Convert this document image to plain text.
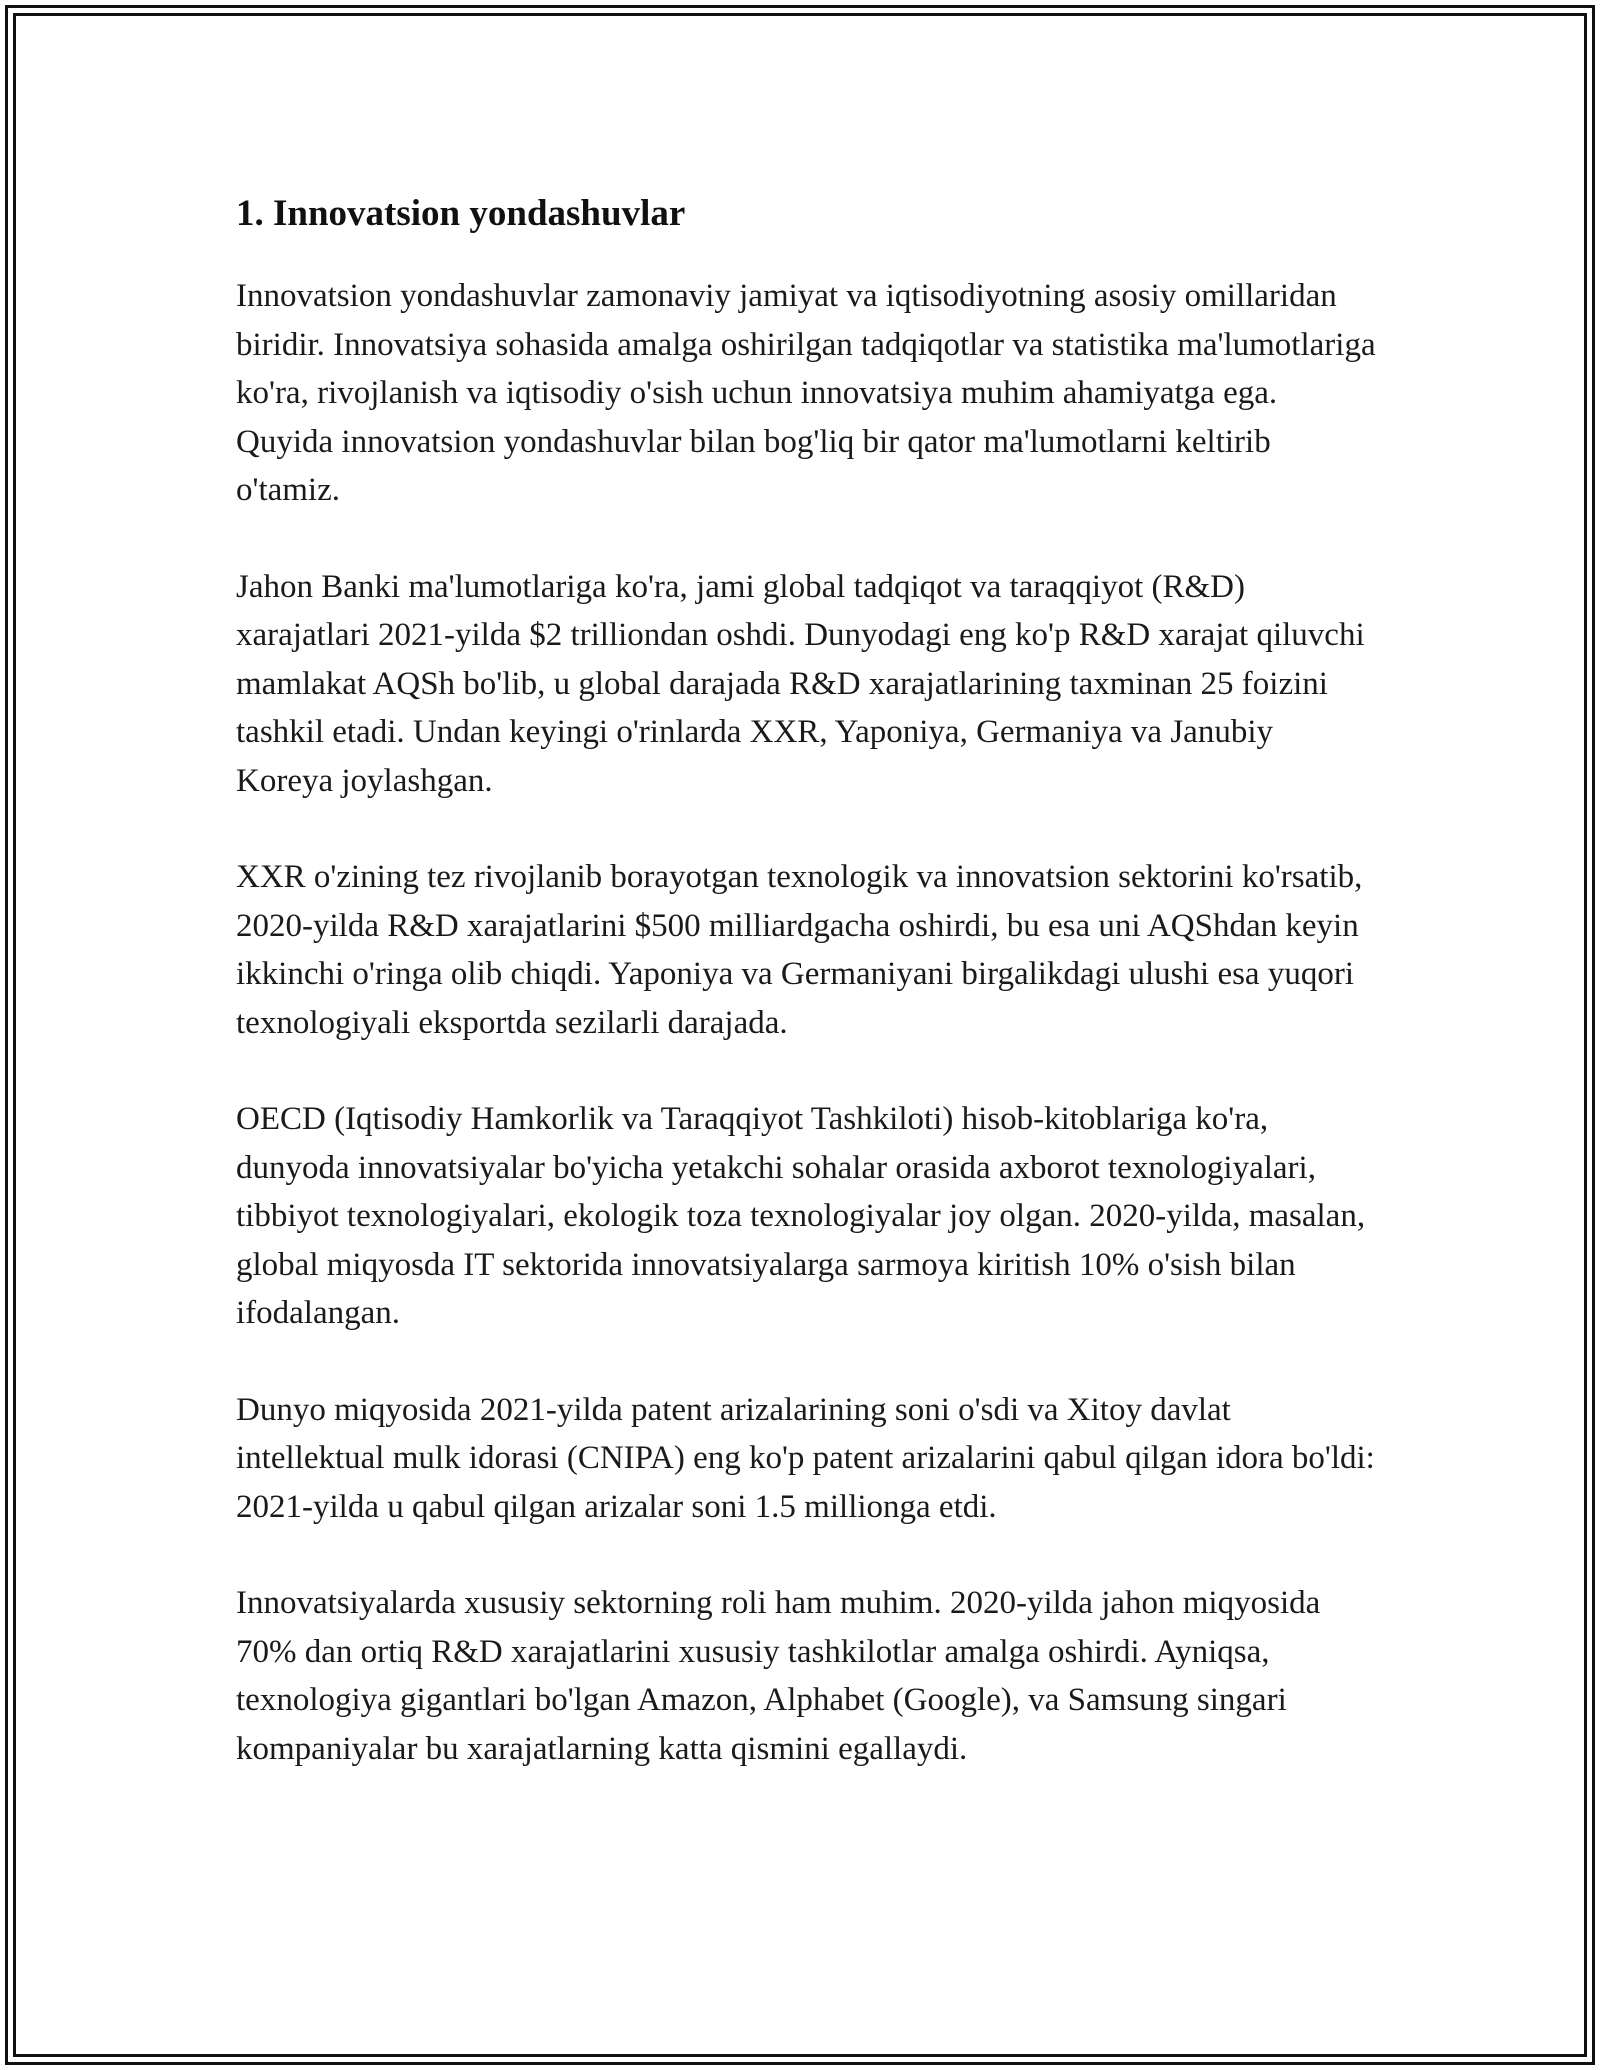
1. Innovatsion yondashuvlar

Innovatsion yondashuvlar zamonaviy jamiyat va iqtisodiyotning asosiy omillaridan biridir. Innovatsiya sohasida amalga oshirilgan tadqiqotlar va statistika ma'lumotlariga ko'ra, rivojlanish va iqtisodiy o'sish uchun innovatsiya muhim ahamiyatga ega. Quyida innovatsion yondashuvlar bilan bog'liq bir qator ma'lumotlarni keltirib o'tamiz.

Jahon Banki ma'lumotlariga ko'ra, jami global tadqiqot va taraqqiyot (R&D) xarajatlari 2021-yilda $2 trilliondan oshdi. Dunyodagi eng ko'p R&D xarajat qiluvchi mamlakat AQSh bo'lib, u global darajada R&D xarajatlarining taxminan 25 foizini tashkil etadi. Undan keyingi o'rinlarda XXR, Yaponiya, Germaniya va Janubiy Koreya joylashgan.

XXR o'zining tez rivojlanib borayotgan texnologik va innovatsion sektorini ko'rsatib, 2020-yilda R&D xarajatlarini $500 milliardgacha oshirdi, bu esa uni AQShdan keyin ikkinchi o'ringa olib chiqdi. Yaponiya va Germaniyani birgalikdagi ulushi esa yuqori texnologiyali eksportda sezilarli darajada.

OECD (Iqtisodiy Hamkorlik va Taraqqiyot Tashkiloti) hisob-kitoblariga ko'ra, dunyoda innovatsiyalar bo'yicha yetakchi sohalar orasida axborot texnologiyalari, tibbiyot texnologiyalari, ekologik toza texnologiyalar joy olgan. 2020-yilda, masalan, global miqyosda IT sektorida innovatsiyalarga sarmoya kiritish 10% o'sish bilan ifodalangan.

Dunyo miqyosida 2021-yilda patent arizalarining soni o'sdi va Xitoy davlat intellektual mulk idorasi (CNIPA) eng ko'p patent arizalarini qabul qilgan idora bo'ldi: 2021-yilda u qabul qilgan arizalar soni 1.5 millionga etdi.

Innovatsiyalarda xususiy sektorning roli ham muhim. 2020-yilda jahon miqyosida 70% dan ortiq R&D xarajatlarini xususiy tashkilotlar amalga oshirdi. Ayniqsa, texnologiya gigantlari bo'lgan Amazon, Alphabet (Google), va Samsung singari kompaniyalar bu xarajatlarning katta qismini egallaydi.
